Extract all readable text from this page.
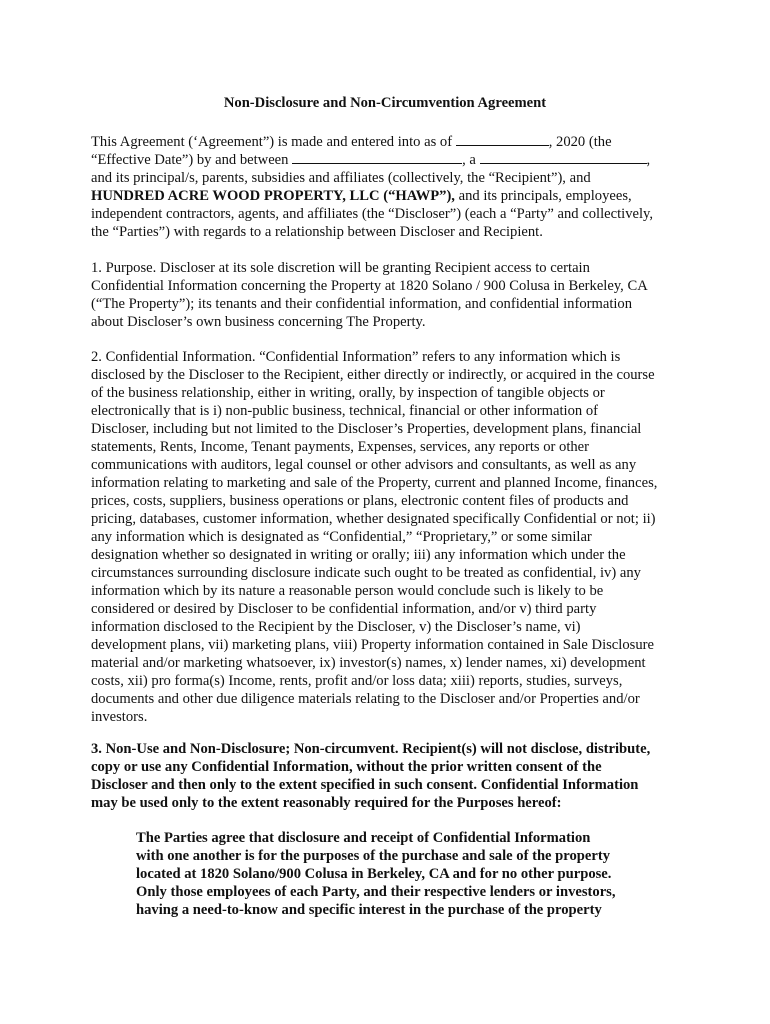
Non-Disclosure and Non-Circumvention Agreement

This Agreement (‘Agreement”) is made and entered into as of	, 2020 (the

“Effective Date”) by and between	, a	,

and its principal/s, parents, subsidies and affiliates (collectively, the “Recipient”), and

HUNDRED ACRE WOOD PROPERTY, LLC (“HAWP”), and its principals, employees,

independent contractors, agents, and affiliates (the “Discloser”) (each a “Party” and collectively,

the “Parties”) with regards to a relationship between Discloser and Recipient.

1. Purpose. Discloser at its sole discretion will be granting Recipient access to certain

Confidential Information concerning the Property at 1820 Solano / 900 Colusa in Berkeley, CA

(“The Property”); its tenants and their confidential information, and confidential information

about Discloser’s own business concerning The Property.

2. Confidential Information. “Confidential Information” refers to any information which is

disclosed by the Discloser to the Recipient, either directly or indirectly, or acquired in the course

of the business relationship, either in writing, orally, by inspection of tangible objects or

electronically that is i) non-public business, technical, financial or other information of

Discloser, including but not limited to the Discloser’s Properties, development plans, financial

statements, Rents, Income, Tenant payments, Expenses, services, any reports or other

communications with auditors, legal counsel or other advisors and consultants, as well as any

information relating to marketing and sale of the Property, current and planned Income, finances,

prices, costs, suppliers, business operations or plans, electronic content files of products and

pricing, databases, customer information, whether designated specifically Confidential or not; ii)

any information which is designated as “Confidential,” “Proprietary,” or some similar

designation whether so designated in writing or orally; iii) any information which under the

circumstances surrounding disclosure indicate such ought to be treated as confidential, iv) any

information which by its nature a reasonable person would conclude such is likely to be

considered or desired by Discloser to be confidential information, and/or v) third party

information disclosed to the Recipient by the Discloser, v) the Discloser’s name, vi)

development plans, vii) marketing plans, viii) Property information contained in Sale Disclosure

material and/or marketing whatsoever, ix) investor(s) names, x) lender names, xi) development

costs, xii) pro forma(s) Income, rents, profit and/or loss data; xiii) reports, studies, surveys,

documents and other due diligence materials relating to the Discloser and/or Properties and/or

investors.

3. Non-Use and Non-Disclosure; Non-circumvent. Recipient(s) will not disclose, distribute,

copy or use any Confidential Information, without the prior written consent of the

Discloser and then only to the extent specified in such consent. Confidential Information

may be used only to the extent reasonably required for the Purposes hereof:

The Parties agree that disclosure and receipt of Confidential Information

with one another is for the purposes of the purchase and sale of the property

located at 1820 Solano/900 Colusa in Berkeley, CA and for no other purpose.

Only those employees of each Party, and their respective lenders or investors,

having a need-to-know and specific interest in the purchase of the property
